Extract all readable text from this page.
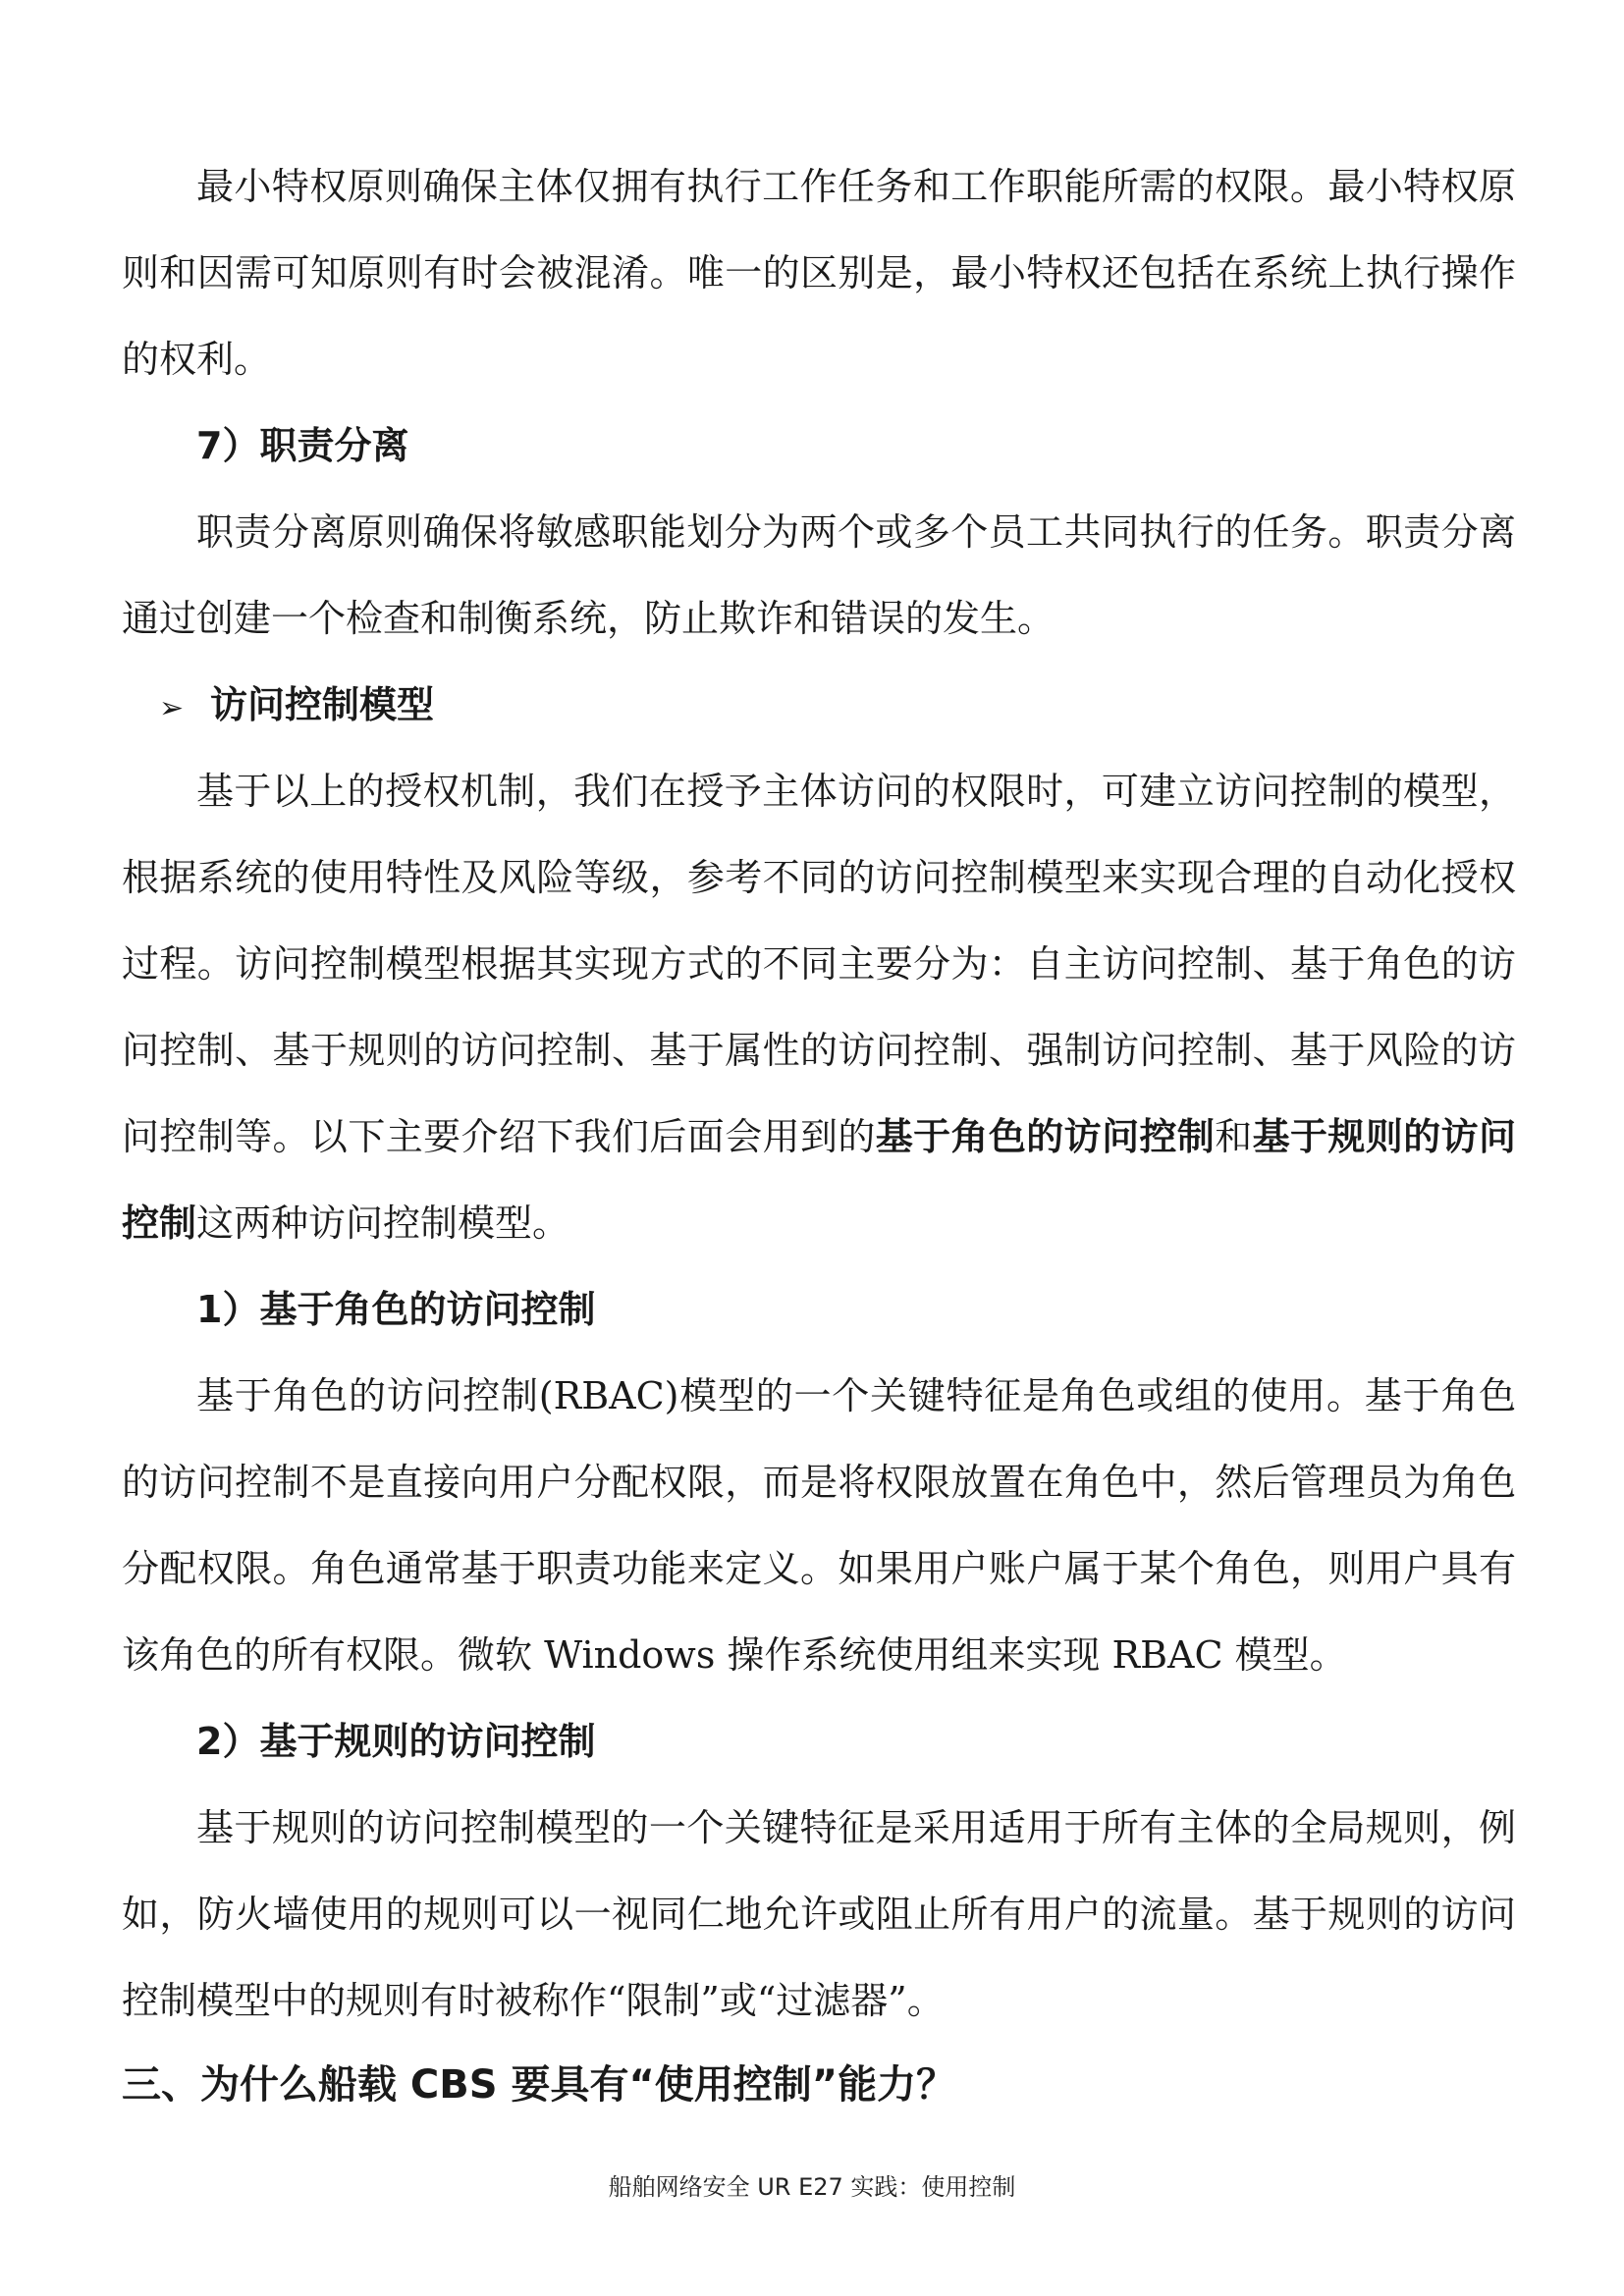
最小特权原则确保主体仅拥有执行工作任务和工作职能所需的权限。最小特权原则和因需可知原则有时会被混淆。唯一的区别是，最小特权还包括在系统上执行操作的权利。

7）职责分离

职责分离原则确保将敏感职能划分为两个或多个员工共同执行的任务。职责分离通过创建一个检查和制衡系统，防止欺诈和错误的发生。

➢ 访问控制模型

基于以上的授权机制，我们在授予主体访问的权限时，可建立访问控制的模型，根据系统的使用特性及风险等级，参考不同的访问控制模型来实现合理的自动化授权过程。访问控制模型根据其实现方式的不同主要分为：自主访问控制、基于角色的访问控制、基于规则的访问控制、基于属性的访问控制、强制访问控制、基于风险的访问控制等。以下主要介绍下我们后面会用到的基于角色的访问控制和基于规则的访问控制这两种访问控制模型。

1）基于角色的访问控制

基于角色的访问控制(RBAC)模型的一个关键特征是角色或组的使用。基于角色的访问控制不是直接向用户分配权限，而是将权限放置在角色中，然后管理员为角色分配权限。角色通常基于职责功能来定义。如果用户账户属于某个角色，则用户具有该角色的所有权限。微软 Windows 操作系统使用组来实现 RBAC 模型。

2）基于规则的访问控制

基于规则的访问控制模型的一个关键特征是采用适用于所有主体的全局规则，例如，防火墙使用的规则可以一视同仁地允许或阻止所有用户的流量。基于规则的访问控制模型中的规则有时被称作“限制”或“过滤器”。

三、为什么船载 CBS 要具有“使用控制”能力？

船舶网络安全 UR E27 实践：使用控制
